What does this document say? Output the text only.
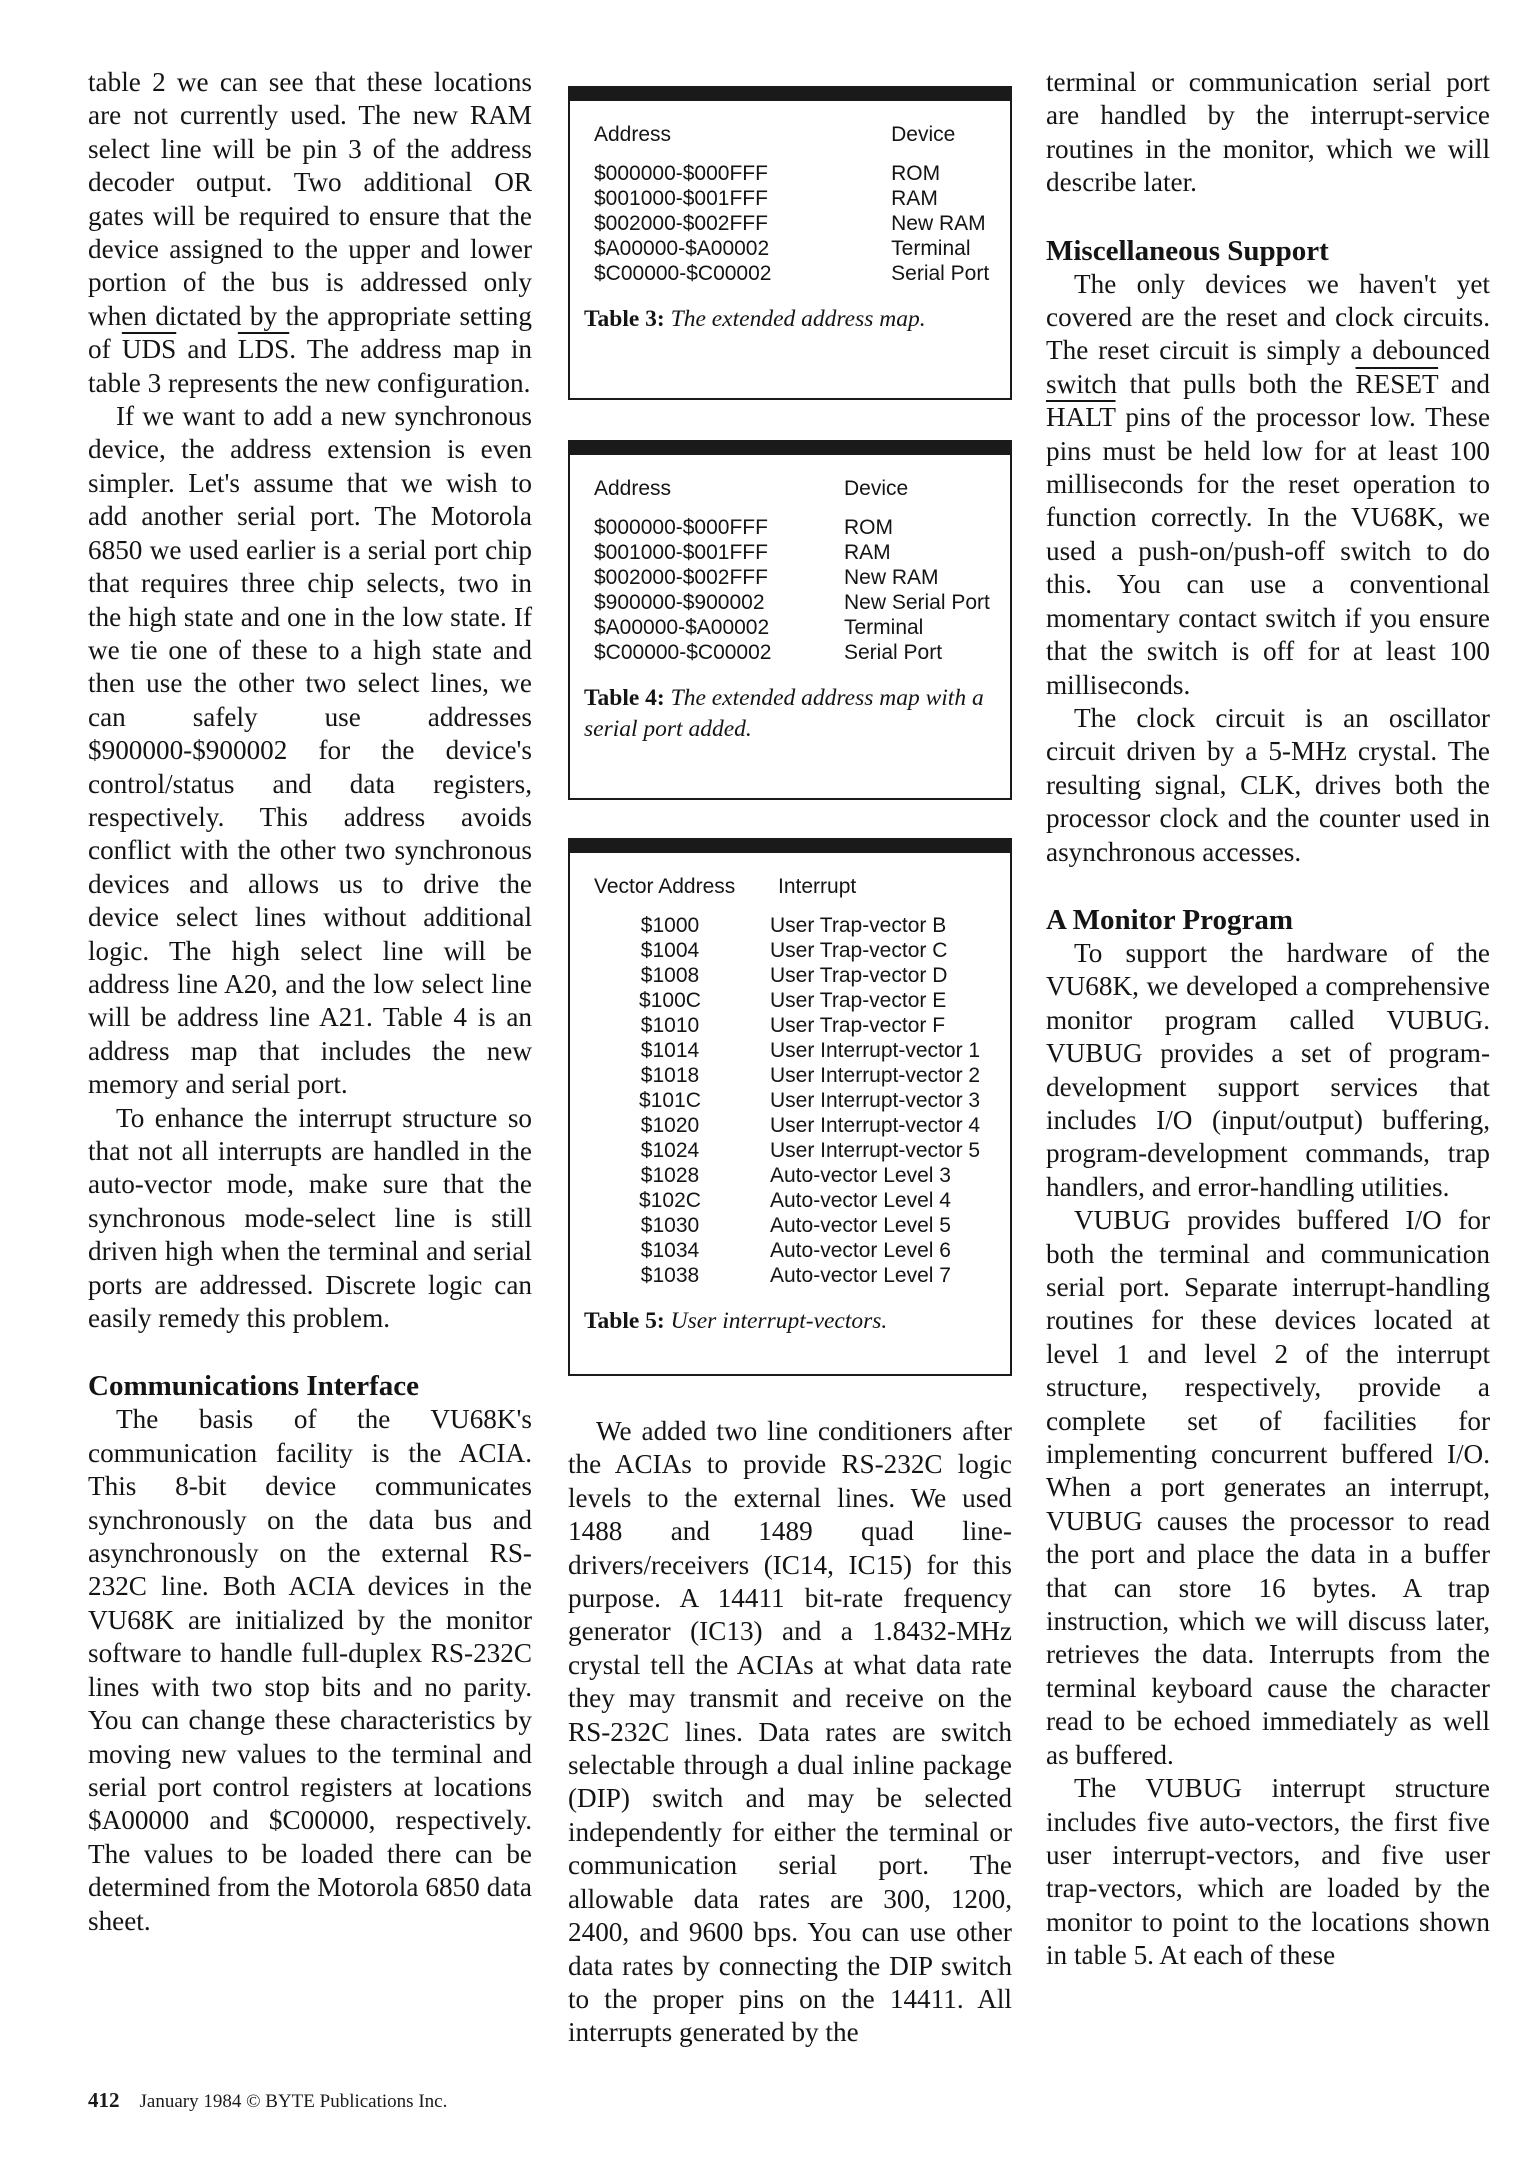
table 2 we can see that these locations are not currently used. The new RAM select line will be pin 3 of the address decoder output. Two additional OR gates will be required to ensure that the device assigned to the upper and lower portion of the bus is addressed only when dictated by the appropriate setting of $\overline{UDS}$ and $\overline{LDS}$. The address map in table 3 represents the new configuration.

If we want to add a new synchronous device, the address extension is even simpler. Let's assume that we wish to add another serial port. The Motorola 6850 we used earlier is a serial port chip that requires three chip selects, two in the high state and one in the low state. If we tie one of these to a high state and then use the other two select lines, we can safely use addresses $900000-$900002 for the device's control/status and data registers, respectively. This address avoids conflict with the other two synchronous devices and allows us to drive the device select lines without additional logic. The high select line will be address line A20, and the low select line will be address line A21. Table 4 is an address map that includes the new memory and serial port.

To enhance the interrupt structure so that not all interrupts are handled in the auto-vector mode, make sure that the synchronous mode-select line is still driven high when the terminal and serial ports are addressed. Discrete logic can easily remedy this problem.

Communications Interface

The basis of the VU68K's communication facility is the ACIA. This 8-bit device communicates synchronously on the data bus and asynchronously on the external RS-232C line. Both ACIA devices in the VU68K are initialized by the monitor software to handle full-duplex RS-232C lines with two stop bits and no parity. You can change these characteristics by moving new values to the terminal and serial port control registers at locations $A00000 and $C00000, respectively. The values to be loaded there can be determined from the Motorola 6850 data sheet.

Address	Device
$000000-$000FFF	ROM
$001000-$001FFF	RAM
$002000-$002FFF	New RAM
$A00000-$A00002	Terminal
$C00000-$C00002	Serial Port
Table 3: The extended address map.
Address	Device
$000000-$000FFF	ROM
$001000-$001FFF	RAM
$002000-$002FFF	New RAM
$900000-$900002	New Serial Port
$A00000-$A00002	Terminal
$C00000-$C00002	Serial Port
Table 4: The extended address map with a serial port added.
Vector Address	Interrupt
$1000	User Trap-vector B
$1004	User Trap-vector C
$1008	User Trap-vector D
$100C	User Trap-vector E
$1010	User Trap-vector F
$1014	User Interrupt-vector 1
$1018	User Interrupt-vector 2
$101C	User Interrupt-vector 3
$1020	User Interrupt-vector 4
$1024	User Interrupt-vector 5
$1028	Auto-vector Level 3
$102C	Auto-vector Level 4
$1030	Auto-vector Level 5
$1034	Auto-vector Level 6
$1038	Auto-vector Level 7
Table 5: User interrupt-vectors.

We added two line conditioners after the ACIAs to provide RS-232C logic levels to the external lines. We used 1488 and 1489 quad line-drivers/receivers (IC14, IC15) for this purpose. A 14411 bit-rate frequency generator (IC13) and a 1.8432-MHz crystal tell the ACIAs at what data rate they may transmit and receive on the RS-232C lines. Data rates are switch selectable through a dual inline package (DIP) switch and may be selected independently for either the terminal or communication serial port. The allowable data rates are 300, 1200, 2400, and 9600 bps. You can use other data rates by connecting the DIP switch to the proper pins on the 14411. All interrupts generated by the

terminal or communication serial port are handled by the interrupt-service routines in the monitor, which we will describe later.

Miscellaneous Support

The only devices we haven't yet covered are the reset and clock circuits. The reset circuit is simply a debounced switch that pulls both the RESET and HALT pins of the processor low. These pins must be held low for at least 100 milliseconds for the reset operation to function correctly. In the VU68K, we used a push-on/push-off switch to do this. You can use a conventional momentary contact switch if you ensure that the switch is off for at least 100 milliseconds.

The clock circuit is an oscillator circuit driven by a 5-MHz crystal. The resulting signal, CLK, drives both the processor clock and the counter used in asynchronous accesses.

A Monitor Program

To support the hardware of the VU68K, we developed a comprehensive monitor program called VUBUG. VUBUG provides a set of program-development support services that includes I/O (input/output) buffering, program-development commands, trap handlers, and error-handling utilities.

VUBUG provides buffered I/O for both the terminal and communication serial port. Separate interrupt-handling routines for these devices located at level 1 and level 2 of the interrupt structure, respectively, provide a complete set of facilities for implementing concurrent buffered I/O. When a port generates an interrupt, VUBUG causes the processor to read the port and place the data in a buffer that can store 16 bytes. A trap instruction, which we will discuss later, retrieves the data. Interrupts from the terminal keyboard cause the character read to be echoed immediately as well as buffered.

The VUBUG interrupt structure includes five auto-vectors, the first five user interrupt-vectors, and five user trap-vectors, which are loaded by the monitor to point to the locations shown in table 5. At each of these

412 January 1984 © BYTE Publications Inc.
